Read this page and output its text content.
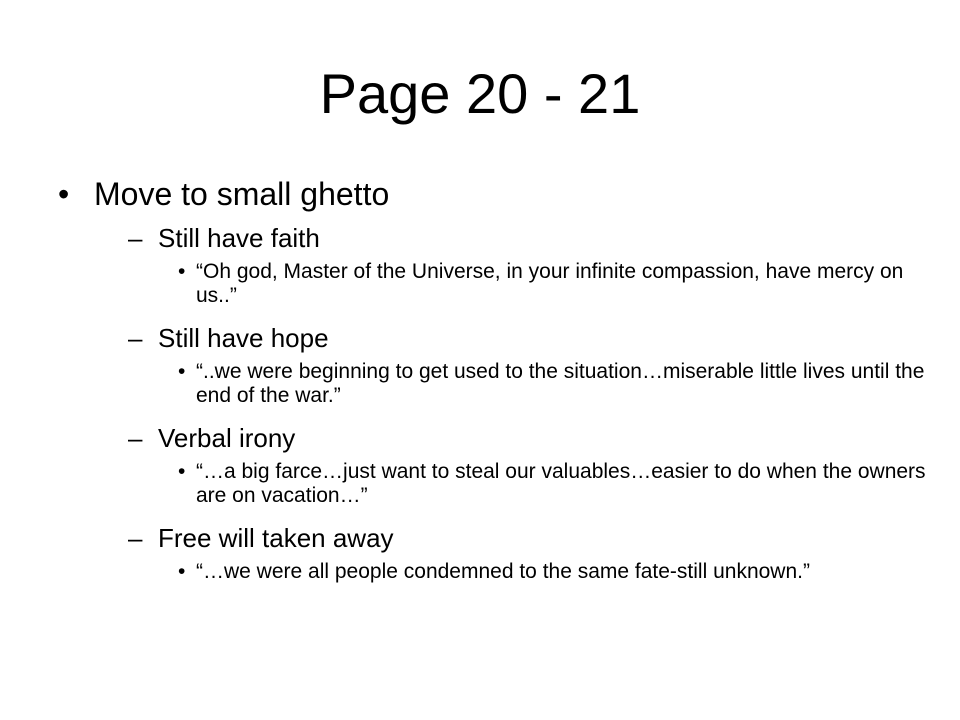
Page 20 - 21
• Move to small ghetto
– Still have faith
• “Oh god, Master of the Universe, in your infinite compassion, have mercy on us..”
– Still have hope
• “..we were beginning to get used to the situation…miserable little lives until the end of the war.”
– Verbal irony
• “…a big farce…just want to steal our valuables…easier to do when the owners are on vacation…”
– Free will taken away
• “…we were all people condemned to the same fate-still unknown.”
